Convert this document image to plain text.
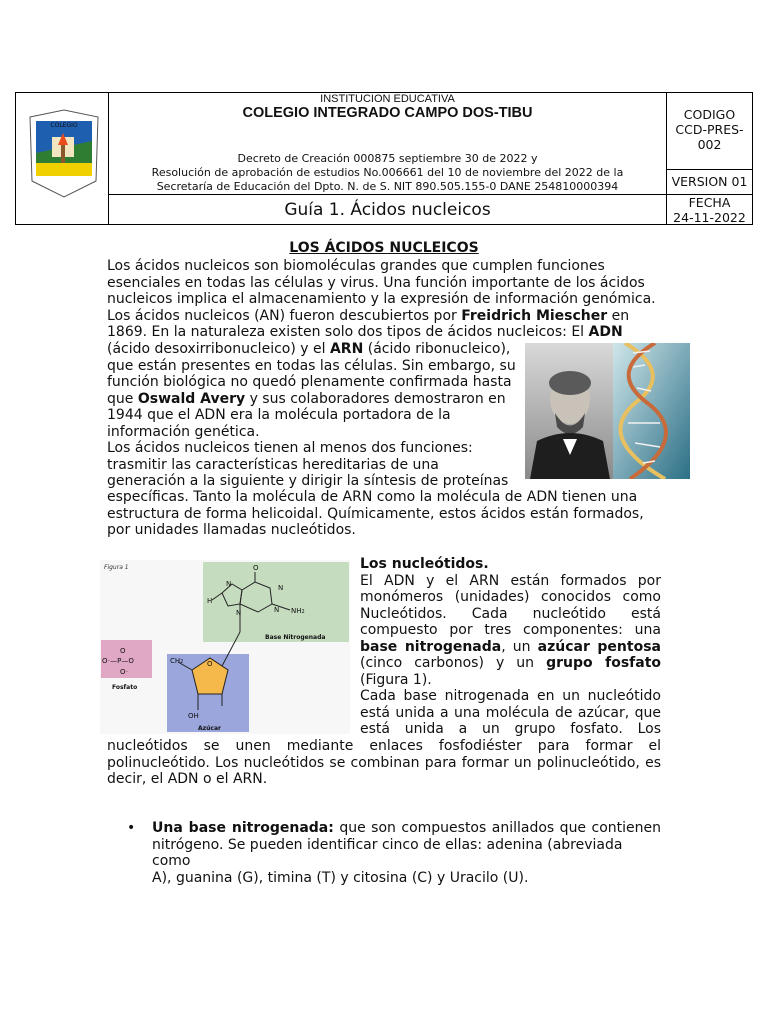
COLEGIO
INSTITUCION EDUCATIVA
COLEGIO INTEGRADO CAMPO DOS-TIBU
Decreto de Creación 000875 septiembre 30 de 2022 y
Resolución de aprobación de estudios No.006661 del 10 de noviembre del 2022 de la
Secretaría de Educación del Dpto. N. de S. NIT 890.505.155-0 DANE 254810000394
Guía 1. Ácidos nucleicos
CODIGO
CCD-PRES-
002
VERSION 01
FECHA
24-11-2022
LOS ÁCIDOS NUCLEICOS
Los ácidos nucleicos son biomoléculas grandes que cumplen funciones
esenciales en todas las células y virus. Una función importante de los ácidos
nucleicos implica el almacenamiento y la expresión de información genómica.
Los ácidos nucleicos (AN) fueron descubiertos por Freidrich Miescher en
1869. En la naturaleza existen solo dos tipos de ácidos nucleicos: El ADN
(ácido desoxirribonucleico) y el ARN (ácido ribonucleico),
que están presentes en todas las células. Sin embargo, su
función biológica no quedó plenamente confirmada hasta
que Oswald Avery y sus colaboradores demostraron en
1944 que el ADN era la molécula portadora de la
información genética.
Los ácidos nucleicos tienen al menos dos funciones:
trasmitir las características hereditarias de una
generación a la siguiente y dirigir la síntesis de proteínas
específicas. Tanto la molécula de ARN como la molécula de ADN tienen una
estructura de forma helicoidal. Químicamente, estos ácidos están formados,
por unidades llamadas nucleótidos.
Figura 1	O
H
N	N
N
N	NH2
Base Nitrogenada
O
OH
CH2
O⁻—P—O
O
O⁻
Azúcar
Fosfato
Los nucleótidos.
El ADN y el ARN están formados por
monómeros (unidades) conocidos como
Nucleótidos. Cada nucleótido está
compuesto por tres componentes: una
base nitrogenada, un azúcar pentosa
(cinco carbonos) y un grupo fosfato
(Figura 1).
Cada base nitrogenada en un nucleótido
está unida a una molécula de azúcar, que
está unida a un grupo fosfato. Los
nucleótidos se unen mediante enlaces fosfodiéster para formar el
polinucleótido. Los nucleótidos se combinan para formar un polinucleótido, es
decir, el ADN o el ARN.
• Una base nitrogenada: que son compuestos anillados que contienen
nitrógeno. Se pueden identificar cinco de ellas: adenina (abreviada como
A), guanina (G), timina (T) y citosina (C) y Uracilo (U).
